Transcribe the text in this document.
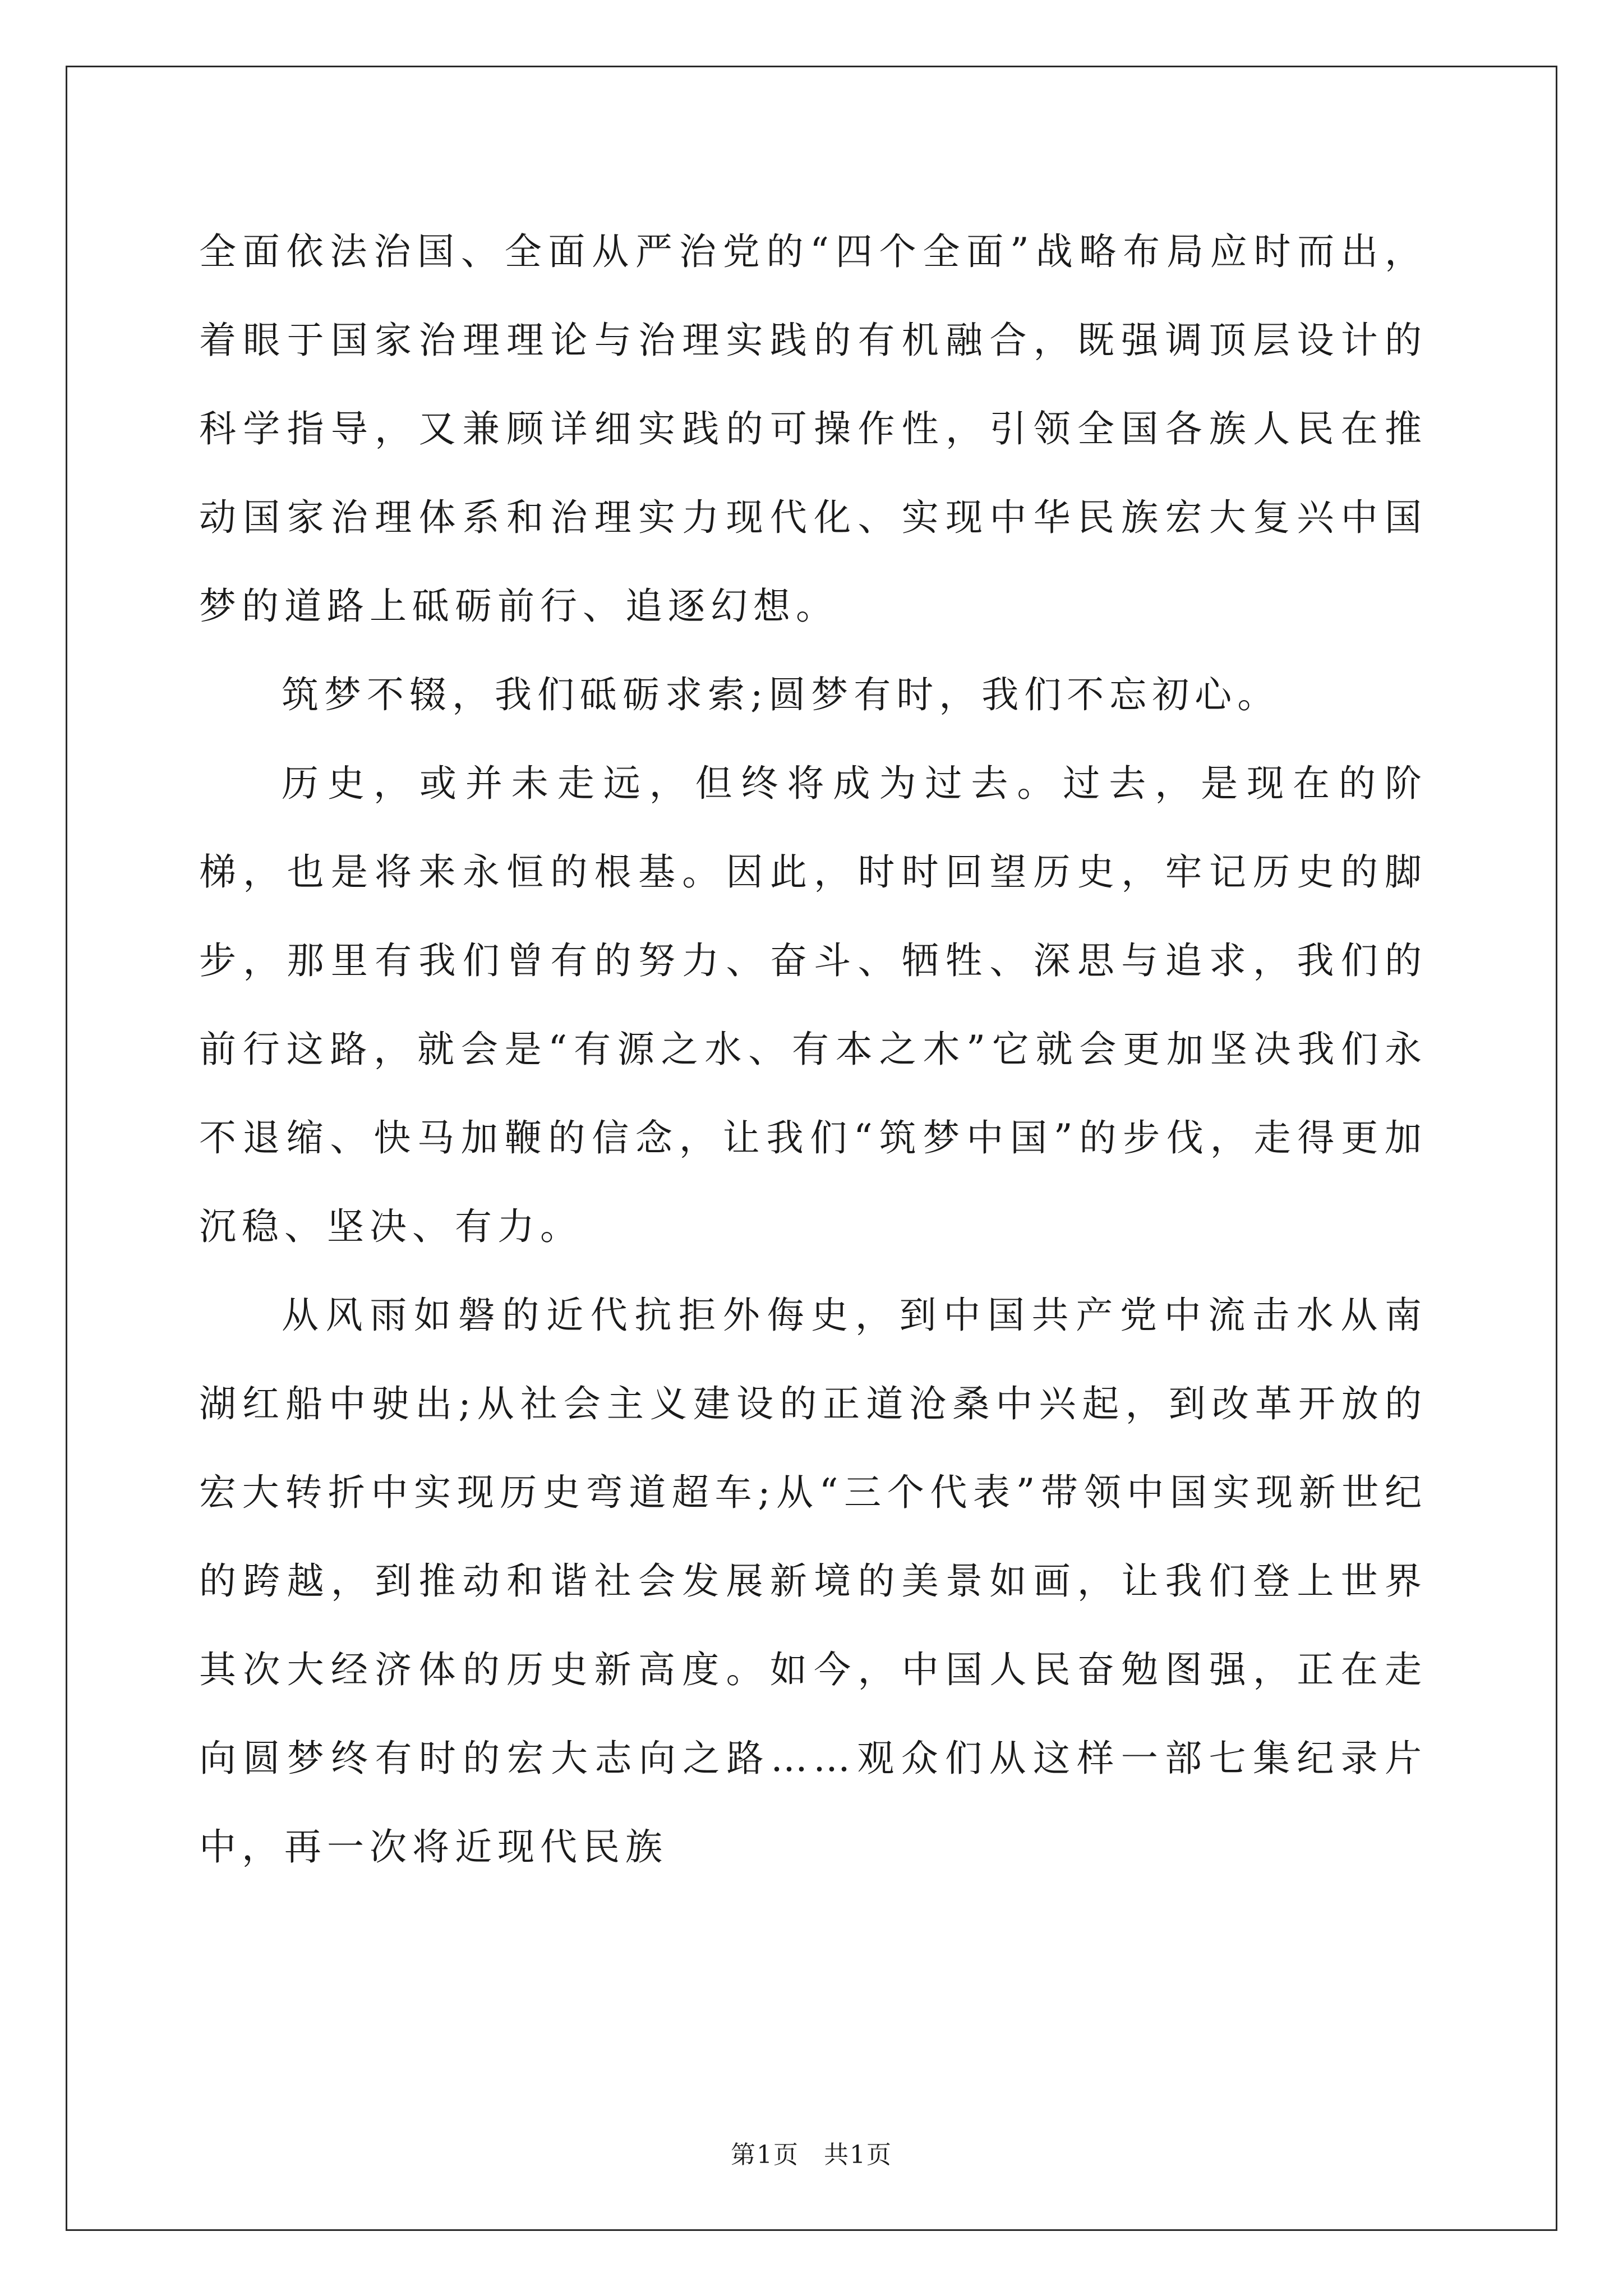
全面依法治国、全面从严治党的“四个全面”战略布局应时而出，着眼于国家治理理论与治理实践的有机融合，既强调顶层设计的科学指导，又兼顾详细实践的可操作性，引领全国各族人民在推动国家治理体系和治理实力现代化、实现中华民族宏大复兴中国梦的道路上砥砺前行、追逐幻想。

筑梦不辍，我们砥砺求索;圆梦有时，我们不忘初心。

历史，或并未走远，但终将成为过去。过去，是现在的阶梯，也是将来永恒的根基。因此，时时回望历史，牢记历史的脚步，那里有我们曾有的努力、奋斗、牺牲、深思与追求，我们的前行这路，就会是“有源之水、有本之木”它就会更加坚决我们永不退缩、快马加鞭的信念，让我们“筑梦中国”的步伐，走得更加沉稳、坚决、有力。

从风雨如磐的近代抗拒外侮史，到中国共产党中流击水从南湖红船中驶出;从社会主义建设的正道沧桑中兴起，到改革开放的宏大转折中实现历史弯道超车;从“三个代表”带领中国实现新世纪的跨越，到推动和谐社会发展新境的美景如画，让我们登上世界其次大经济体的历史新高度。如今，中国人民奋勉图强，正在走向圆梦终有时的宏大志向之路……观众们从这样一部七集纪录片中，再一次将近现代民族

第1页 共1页
